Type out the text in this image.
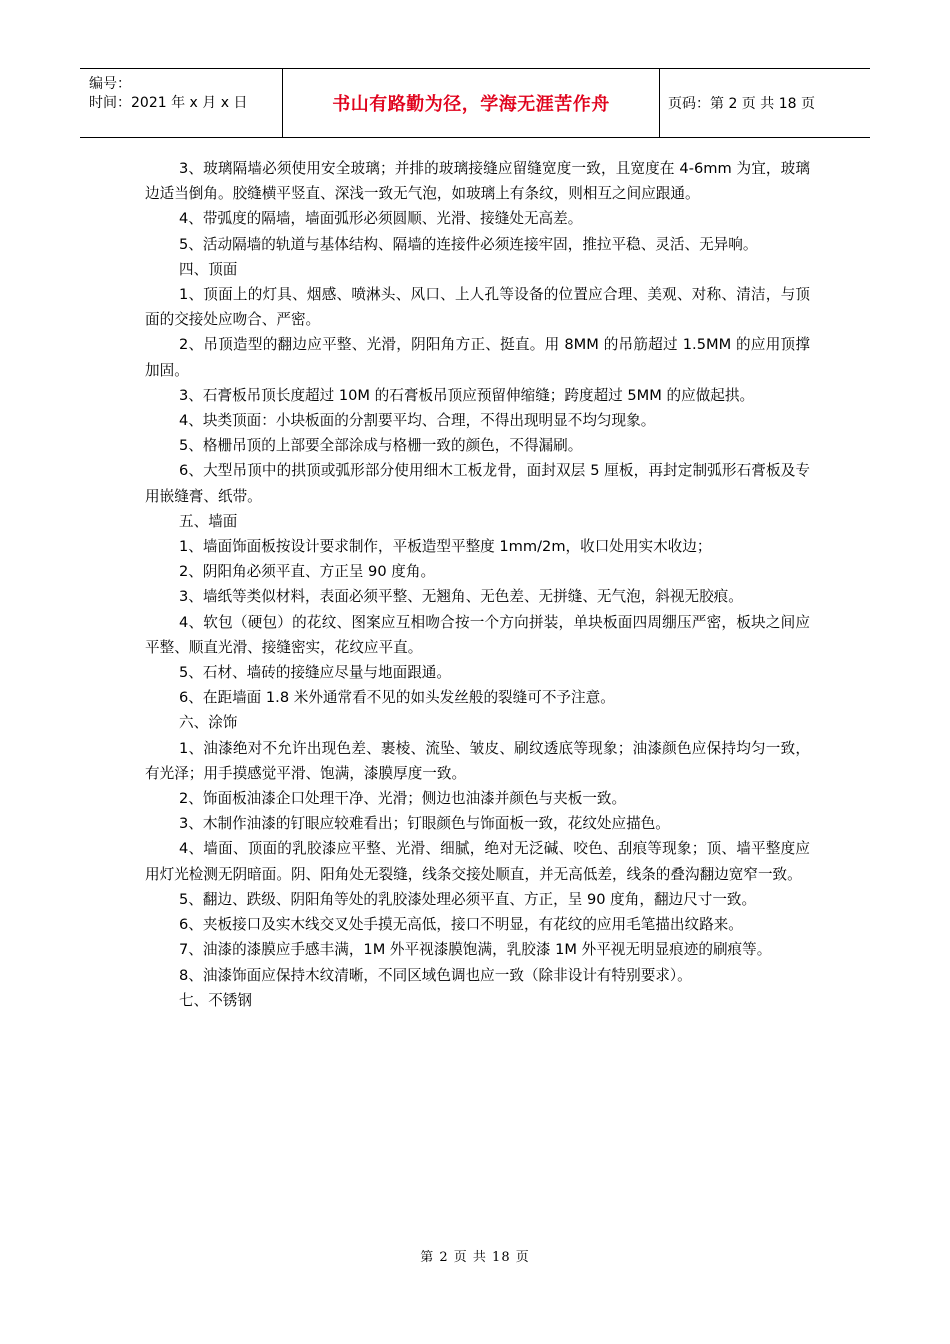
编号：
时间：2021 年 x 月 x 日	书山有路勤为径，学海无涯苦作舟	页码：第 2 页 共 18 页

3、玻璃隔墙必须使用安全玻璃；并排的玻璃接缝应留缝宽度一致，且宽度在 4-6mm 为宜，玻璃边适当倒角。胶缝横平竖直、深浅一致无气泡，如玻璃上有条纹，则相互之间应跟通。

4、带弧度的隔墙，墙面弧形必须圆顺、光滑、接缝处无高差。

5、活动隔墙的轨道与基体结构、隔墙的连接件必须连接牢固，推拉平稳、灵活、无异响。

四、顶面

1、顶面上的灯具、烟感、喷淋头、风口、上人孔等设备的位置应合理、美观、对称、清洁，与顶面的交接处应吻合、严密。

2、吊顶造型的翻边应平整、光滑，阴阳角方正、挺直。用 8MM 的吊筋超过 1.5MM 的应用顶撑加固。

3、石膏板吊顶长度超过 10M 的石膏板吊顶应预留伸缩缝；跨度超过 5MM 的应做起拱。

4、块类顶面：小块板面的分割要平均、合理，不得出现明显不均匀现象。

5、格栅吊顶的上部要全部涂成与格栅一致的颜色，不得漏刷。

6、大型吊顶中的拱顶或弧形部分使用细木工板龙骨，面封双层 5 厘板，再封定制弧形石膏板及专用嵌缝膏、纸带。

五、墙面

1、墙面饰面板按设计要求制作，平板造型平整度 1mm/2m，收口处用实木收边；

2、阴阳角必须平直、方正呈 90 度角。

3、墙纸等类似材料，表面必须平整、无翘角、无色差、无拼缝、无气泡，斜视无胶痕。

4、软包（硬包）的花纹、图案应互相吻合按一个方向拼装，单块板面四周绷压严密，板块之间应平整、顺直光滑、接缝密实，花纹应平直。

5、石材、墙砖的接缝应尽量与地面跟通。

6、在距墙面 1.8 米外通常看不见的如头发丝般的裂缝可不予注意。

六、涂饰

1、油漆绝对不允许出现色差、裹棱、流坠、皱皮、刷纹透底等现象；油漆颜色应保持均匀一致，有光泽；用手摸感觉平滑、饱满，漆膜厚度一致。

2、饰面板油漆企口处理干净、光滑；侧边也油漆并颜色与夹板一致。

3、木制作油漆的钉眼应较难看出；钉眼颜色与饰面板一致，花纹处应描色。

4、墙面、顶面的乳胶漆应平整、光滑、细腻，绝对无泛碱、咬色、刮痕等现象；顶、墙平整度应用灯光检测无阴暗面。阴、阳角处无裂缝，线条交接处顺直，并无高低差，线条的叠沟翻边宽窄一致。

5、翻边、跌级、阴阳角等处的乳胶漆处理必须平直、方正，呈 90 度角，翻边尺寸一致。

6、夹板接口及实木线交叉处手摸无高低，接口不明显，有花纹的应用毛笔描出纹路来。

7、油漆的漆膜应手感丰满，1M 外平视漆膜饱满，乳胶漆 1M 外平视无明显痕迹的刷痕等。

8、油漆饰面应保持木纹清晰，不同区域色调也应一致（除非设计有特别要求）。

七、不锈钢

第 2 页 共 18 页
